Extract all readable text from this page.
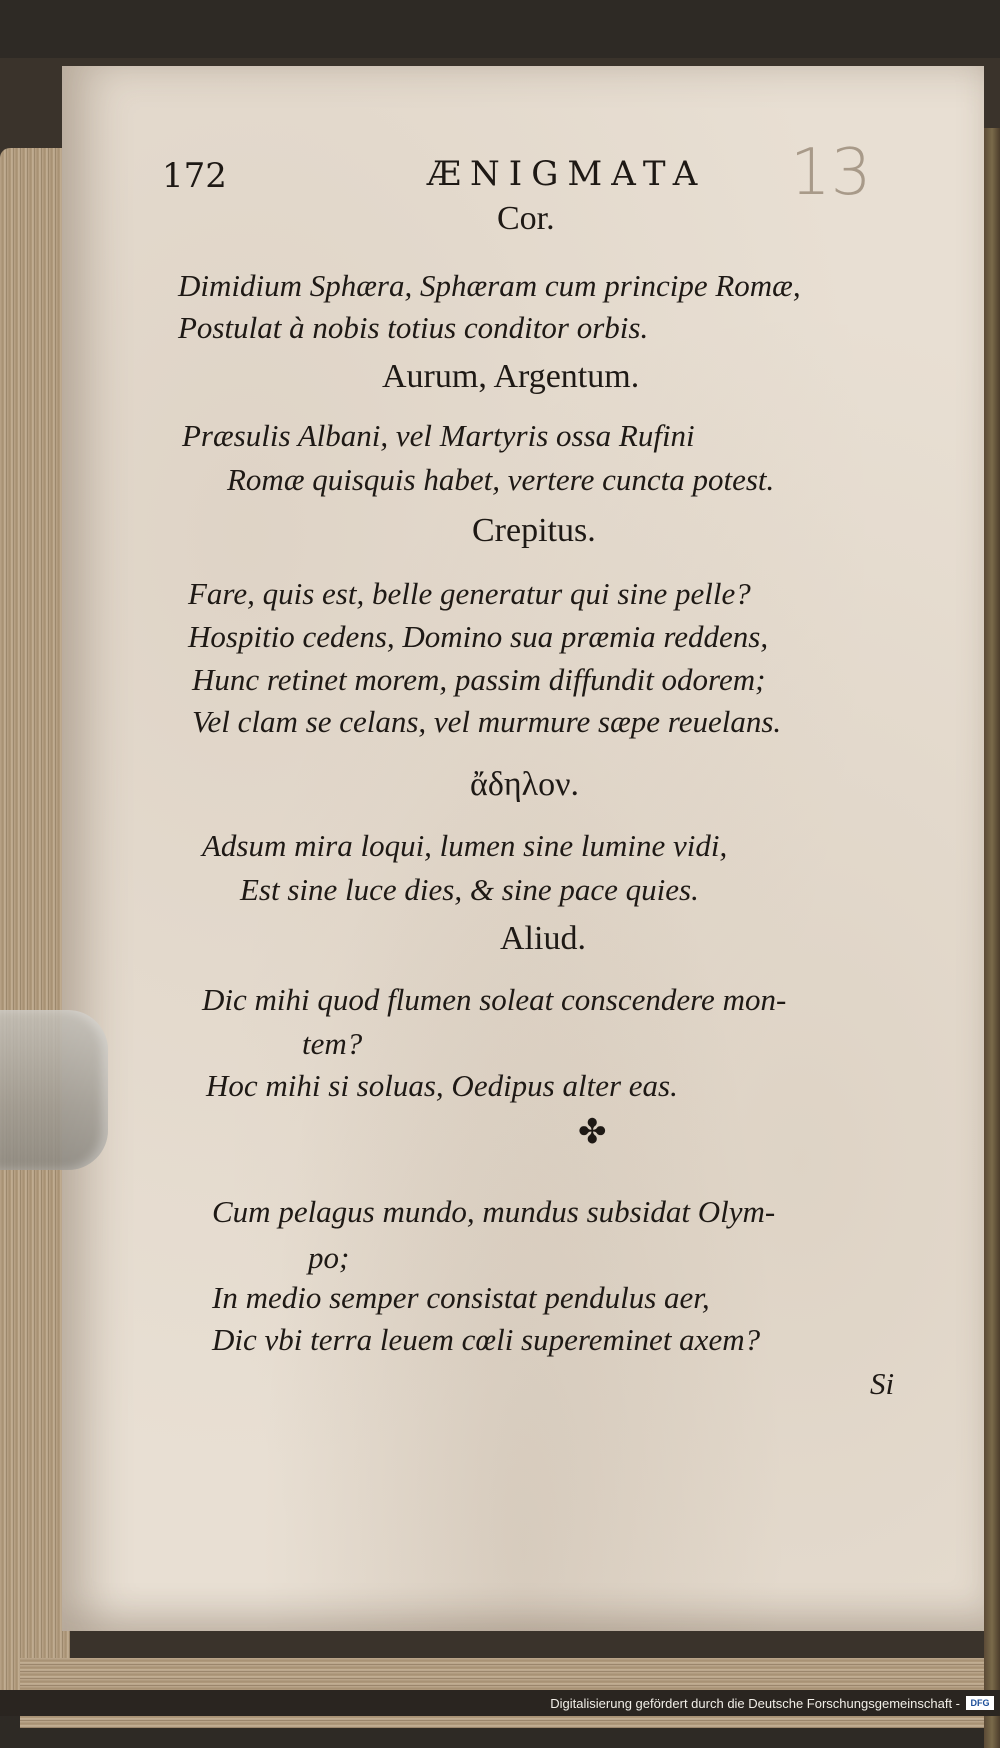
172	ÆNIGMATA 13
Cor.
Dimidium Sphæra, Sphæram cum principe Romæ,
Postulat à nobis totius conditor orbis.
Aurum, Argentum.
Præsulis Albani, vel Martyris ossa Rufini
Romæ quisquis habet, vertere cuncta potest.
Crepitus.
Fare, quis est, belle generatur qui sine pelle?
Hospitio cedens, Domino sua præmia reddens,
Hunc retinet morem, passim diffundit odorem;
Vel clam se celans, vel murmure sæpe reuelans.
ἄδηλον.
Adsum mira loqui, lumen sine lumine vidi,
Est sine luce dies, & sine pace quies.
Aliud.
Dic mihi quod flumen soleat conscendere mon-
tem?
Hoc mihi si soluas, Oedipus alter eas.
✤
Cum pelagus mundo, mundus subsidat Olym-
po;
In medio semper consistat pendulus aer,
Dic vbi terra leuem cœli supereminet axem?
Si
Digitalisierung gefördert durch die Deutsche Forschungsgemeinschaft -	DFG
